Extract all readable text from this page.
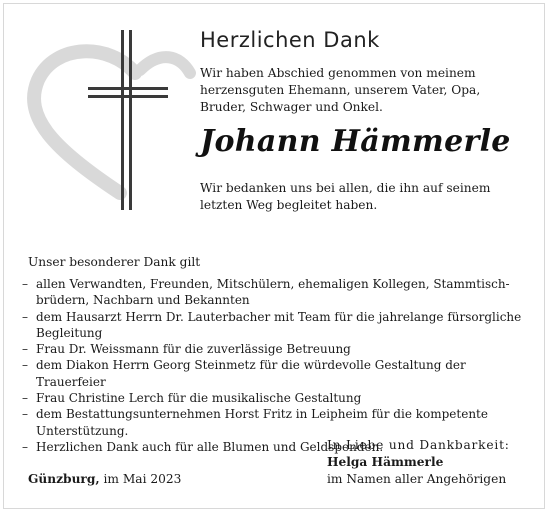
Herzlichen Dank
Wir haben Abschied genommen von meinem herzensguten Ehemann, unserem Vater, Opa, Bruder, Schwager und Onkel.
Johann Hämmerle
Wir bedanken uns bei allen, die ihn auf seinem letzten Weg begleitet haben.
Unser besonderer Dank gilt
– allen Verwandten, Freunden, Mitschülern, ehemaligen Kollegen, Stammtisch- brüdern, Nachbarn und Bekannten
– dem Hausarzt Herrn Dr. Lauterbacher mit Team für die jahrelange fürsorgliche Begleitung
– Frau Dr. Weissmann für die zuverlässige Betreuung
– dem Diakon Herrn Georg Steinmetz für die würdevolle Gestaltung der Trauerfeier
– Frau Christine Lerch für die musikalische Gestaltung
– dem Bestattungsunternehmen Horst Fritz in Leipheim für die kompetente Unterstützung.
– Herzlichen Dank auch für alle Blumen und Geldspenden.
In Liebe und Dankbarkeit:
Helga Hämmerle
im Namen aller Angehörigen
Günzburg, im Mai 2023
